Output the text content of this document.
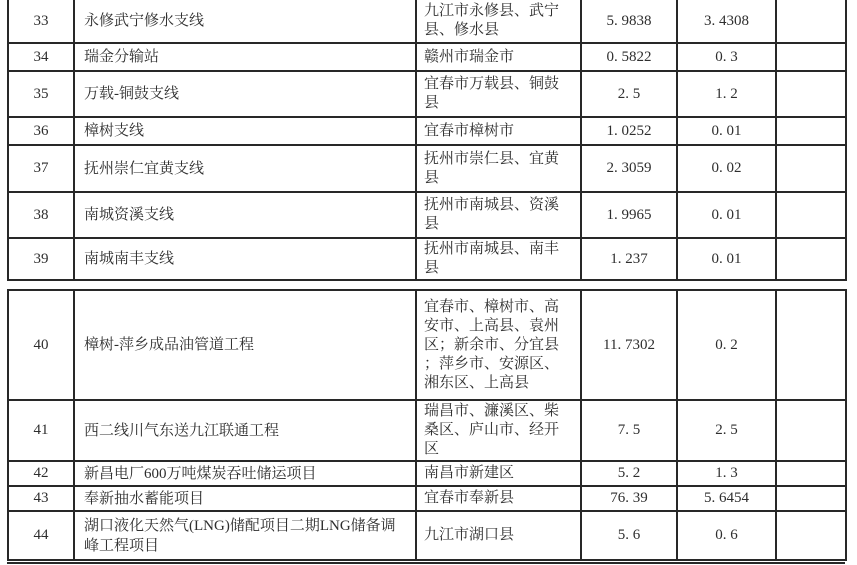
33	永修武宁修水支线	九江市永修县、武宁县、修水县	5. 9838	3. 4308	
34	瑞金分输站	赣州市瑞金市	0. 5822	0. 3	
35	万载-铜鼓支线	宜春市万载县、铜鼓县	2. 5	1. 2	
36	樟树支线	宜春市樟树市	1. 0252	0. 01	
37	抚州崇仁宜黄支线	抚州市崇仁县、宜黄县	2. 3059	0. 02	
38	南城资溪支线	抚州市南城县、资溪县	1. 9965	0. 01	
39	南城南丰支线	抚州市南城县、南丰县	1. 237	0. 01	
40	樟树-萍乡成品油管道工程	宜春市、樟树市、高安市、上高县、袁州区；新余市、分宜县；萍乡市、安源区、湘东区、上高县	11. 7302	0. 2	
41	西二线川气东送九江联通工程	瑞昌市、濂溪区、柴桑区、庐山市、经开区	7. 5	2. 5	
42	新昌电厂600万吨煤炭吞吐储运项目	南昌市新建区	5. 2	1. 3	
43	奉新抽水蓄能项目	宜春市奉新县	76. 39	5. 6454	
44	湖口液化天然气(LNG)储配项目二期LNG储备调峰工程项目	九江市湖口县	5. 6	0. 6	
